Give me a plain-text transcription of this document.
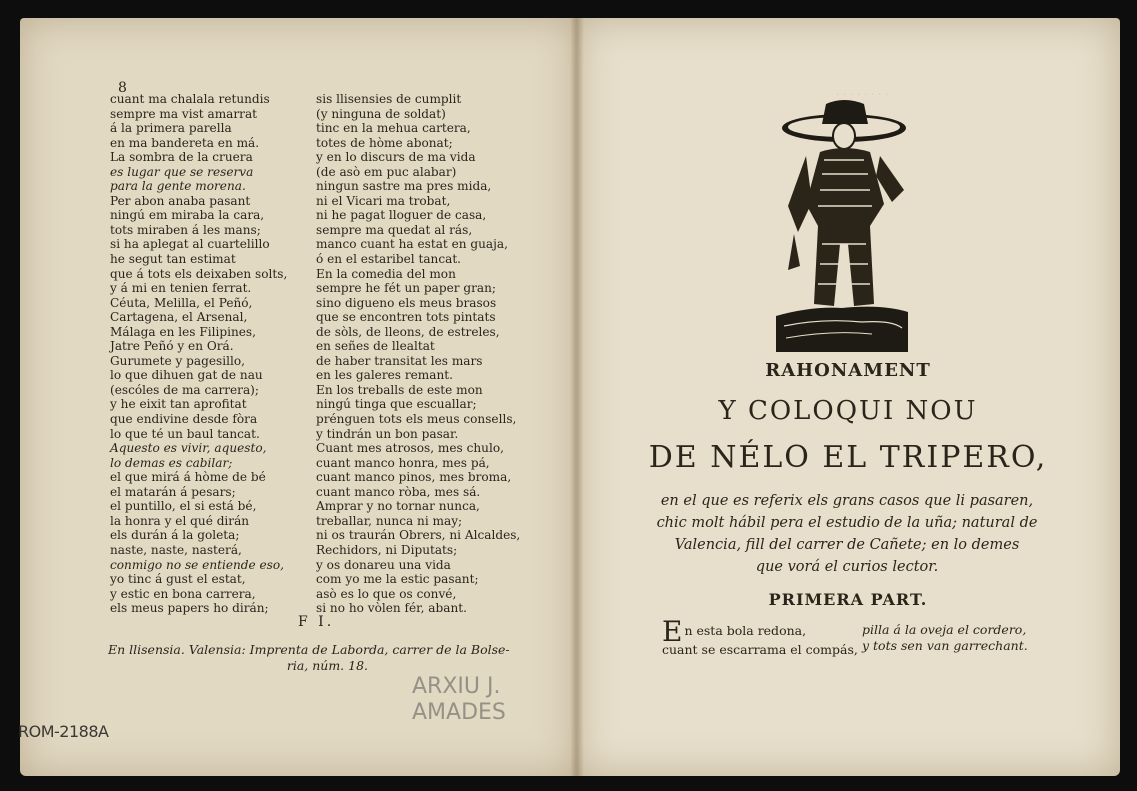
8
cuant ma chalala retundis
sempre ma vist amarrat
á la primera parella
en ma bandereta en má.
La sombra de la cruera
es lugar que se reserva
para la gente morena.
Per abon anaba pasant
ningú em miraba la cara,
tots miraben á les mans;
si ha aplegat al cuartelillo
he segut tan estimat
que á tots els deixaben solts,
y á mi en tenien ferrat.
Céuta, Melilla, el Peñó,
Cartagena, el Arsenal,
Málaga en les Filipines,
Jatre Peñó y en Orá.
Gurumete y pagesillo,
lo que dihuen gat de nau
(escóles de ma carrera);
y he eixit tan aprofitat
que endivine desde fòra
lo que té un baul tancat.
Aquesto es vivir, aquesto,
lo demas es cabilar;
el que mirá á hòme de bé
el matarán á pesars;
el puntillo, el si está bé,
la honra y el qué dirán
els durán á la goleta;
naste, naste, nasterá,
conmigo no se entiende eso,
yo tinc á gust el estat,
y estic en bona carrera,
els meus papers ho dirán;
sis llisensies de cumplit
(y ninguna de soldat)
tinc en la mehua cartera,
totes de hòme abonat;
y en lo discurs de ma vida
(de asò em puc alabar)
ningun sastre ma pres mida,
ni el Vicari ma trobat,
ni he pagat lloguer de casa,
sempre ma quedat al rás,
manco cuant ha estat en guaja,
ó en el estaribel tancat.
En la comedia del mon
sempre he fét un paper gran;
sino digueno els meus brasos
que se encontren tots pintats
de sòls, de lleons, de estreles,
en señes de llealtat
de haber transitat les mars
en les galeres remant.
En los treballs de este mon
ningú tinga que escuallar;
prénguen tots els meus consells,
y tindrán un bon pasar.
Cuant mes atrosos, mes chulo,
cuant manco honra, mes pá,
cuant manco pinos, mes broma,
cuant manco ròba, mes sá.
Amprar y no tornar nunca,
treballar, nunca ni may;
ni os traurán Obrers, ni Alcaldes,
Rechidors, ni Diputats;
y os donareu una vida
com yo me la estic pasant;
asò es lo que os convé,
si no ho vòlen fér, abant.
F I.
En llisensia. Valensia: Imprenta de Laborda, carrer de la Bolse-
ria, núm. 18.
ARXIU J.
AMADES
· · · · · · · ·
RAHONAMENT
Y COLOQUI NOU
DE NÉLO EL TRIPERO,
en el que es referix els grans casos que li pasaren,
chic molt hábil pera el estudio de la uña; natural de
Valencia, fill del carrer de Cañete; en lo demes
que vorá el curios lector.
PRIMERA PART.
En esta bola redona,
cuant se escarrama el compás,
pilla á la oveja el cordero,
y tots sen van garrechant.
ROM-2188A
